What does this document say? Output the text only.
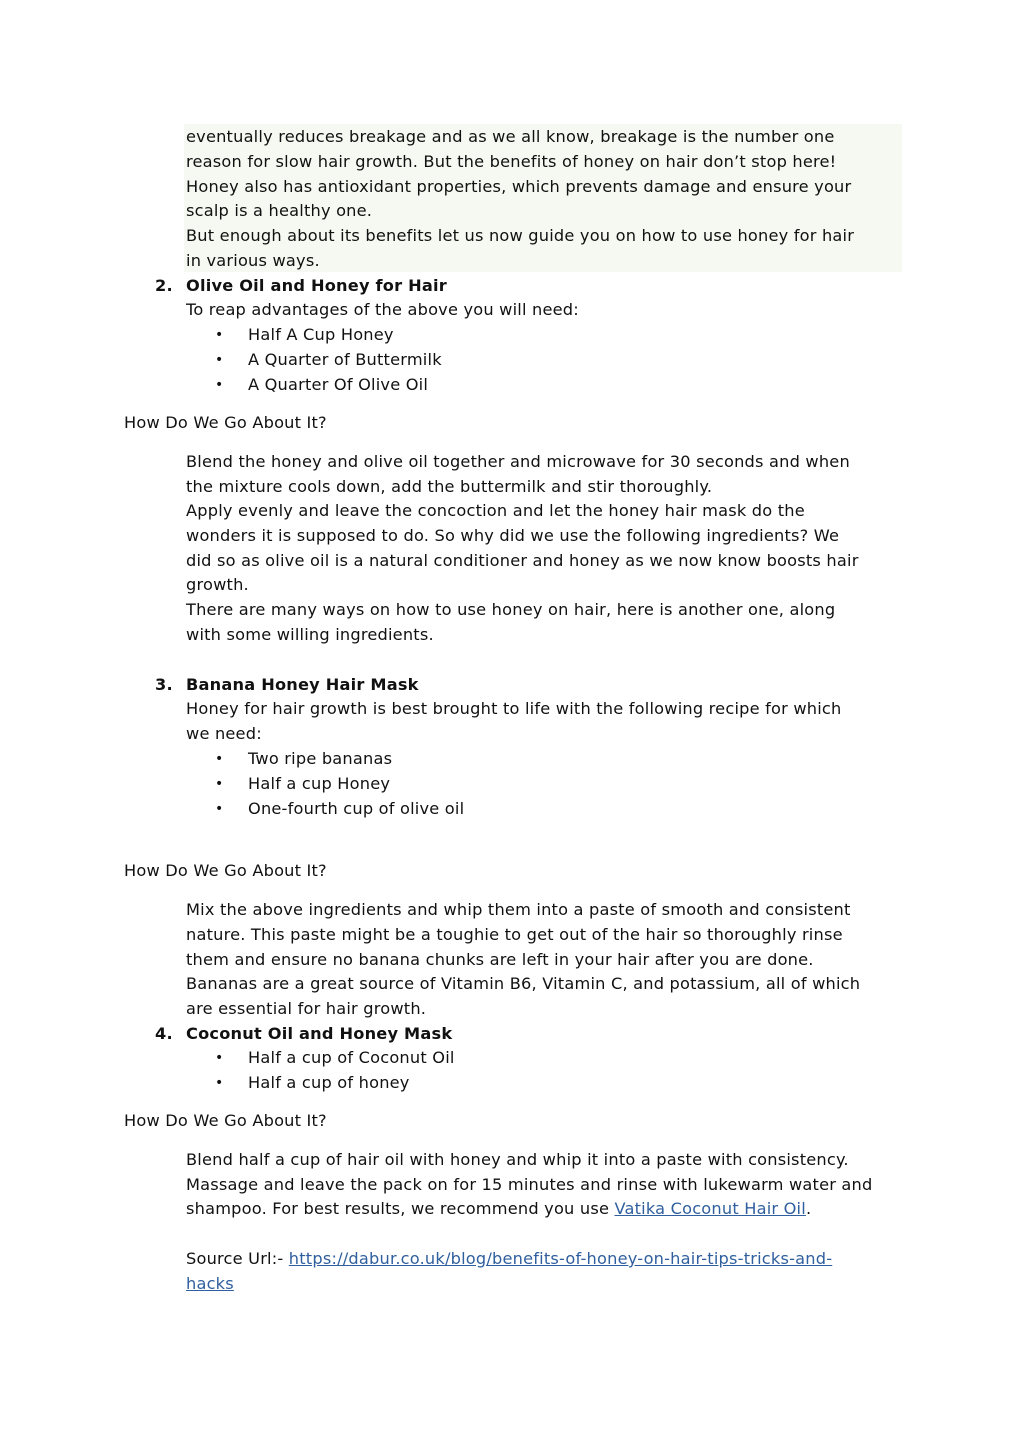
eventually reduces breakage and as we all know, breakage is the number one
reason for slow hair growth. But the benefits of honey on hair don’t stop here!
Honey also has antioxidant properties, which prevents damage and ensure your
scalp is a healthy one.
But enough about its benefits let us now guide you on how to use honey for hair
in various ways.
2. Olive Oil and Honey for Hair
To reap advantages of the above you will need:
• Half A Cup Honey
• A Quarter of Buttermilk
• A Quarter Of Olive Oil
How Do We Go About It?
Blend the honey and olive oil together and microwave for 30 seconds and when
the mixture cools down, add the buttermilk and stir thoroughly.
Apply evenly and leave the concoction and let the honey hair mask do the
wonders it is supposed to do. So why did we use the following ingredients? We
did so as olive oil is a natural conditioner and honey as we now know boosts hair
growth.
There are many ways on how to use honey on hair, here is another one, along
with some willing ingredients.
3. Banana Honey Hair Mask
Honey for hair growth is best brought to life with the following recipe for which
we need:
• Two ripe bananas
• Half a cup Honey
• One-fourth cup of olive oil
How Do We Go About It?
Mix the above ingredients and whip them into a paste of smooth and consistent
nature. This paste might be a toughie to get out of the hair so thoroughly rinse
them and ensure no banana chunks are left in your hair after you are done.
Bananas are a great source of Vitamin B6, Vitamin C, and potassium, all of which
are essential for hair growth.
4. Coconut Oil and Honey Mask
• Half a cup of Coconut Oil
• Half a cup of honey
How Do We Go About It?
Blend half a cup of hair oil with honey and whip it into a paste with consistency.
Massage and leave the pack on for 15 minutes and rinse with lukewarm water and
shampoo. For best results, we recommend you use Vatika Coconut Hair Oil.
Source Url:- https://dabur.co.uk/blog/benefits-of-honey-on-hair-tips-tricks-and-
hacks
